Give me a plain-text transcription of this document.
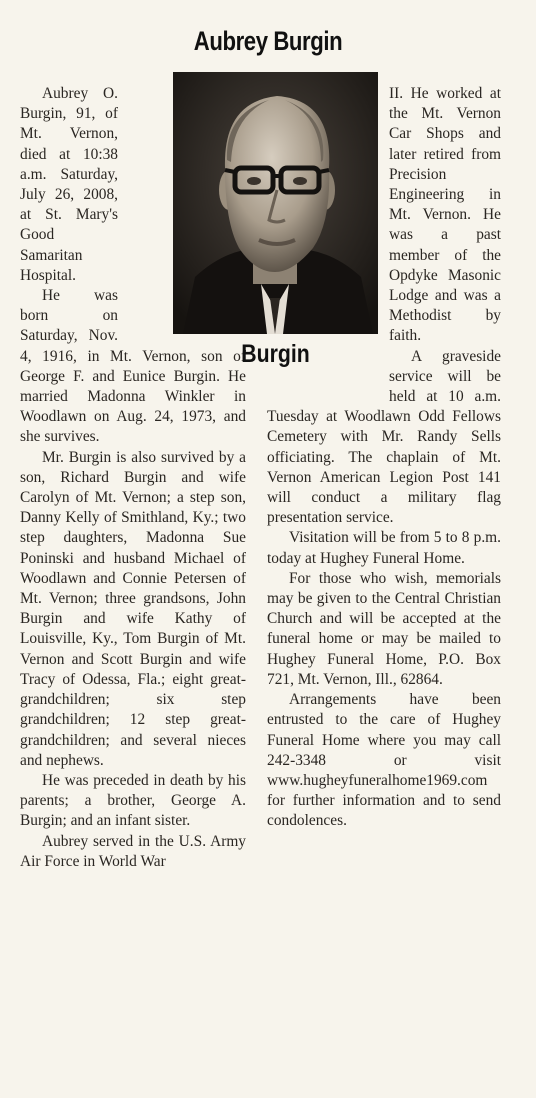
Aubrey Burgin

Aubrey O. Burgin, 91, of Mt. Vernon, died at 10:38 a.m. Saturday, July 26, 2008, at St. Mary's Good Samaritan Hospital.

He was born on Saturday, Nov. 4, 1916, in Mt. Vernon, son of George F. and Eunice Burgin. He married Madonna Winkler in Woodlawn on Aug. 24, 1973, and she survives.

Mr. Burgin is also survived by a son, Richard Burgin and wife Carolyn of Mt. Vernon; a step son, Danny Kelly of Smithland, Ky.; two step daughters, Madonna Sue Poninski and husband Michael of Woodlawn and Connie Petersen of Mt. Vernon; three grandsons, John Burgin and wife Kathy of Louisville, Ky., Tom Burgin of Mt. Vernon and Scott Burgin and wife Tracy of Odessa, Fla.; eight great-grandchildren; six step grandchildren; 12 step great-grandchildren; and several nieces and nephews.

He was preceded in death by his parents; a brother, George A. Burgin; and an infant sister.

Aubrey served in the U.S. Army Air Force in World War

II. He worked at the Mt. Vernon Car Shops and later retired from Precision Engineering in Mt. Vernon. He was a past member of the Opdyke Masonic Lodge and was a Methodist by faith.

A graveside service will be held at 10 a.m. Tuesday at Woodlawn Odd Fellows Cemetery with Mr. Randy Sells officiating. The chaplain of Mt. Vernon American Legion Post 141 will conduct a military flag presentation service.

Visitation will be from 5 to 8 p.m. today at Hughey Funeral Home.

For those who wish, memorials may be given to the Central Christian Church and will be accepted at the funeral home or may be mailed to Hughey Funeral Home, P.O. Box 721, Mt. Vernon, Ill., 62864.

Arrangements have been entrusted to the care of Hughey Funeral Home where you may call 242-3348 or visit www.hugheyfuneralhome1969.com for further information and to send condolences.

Burgin
